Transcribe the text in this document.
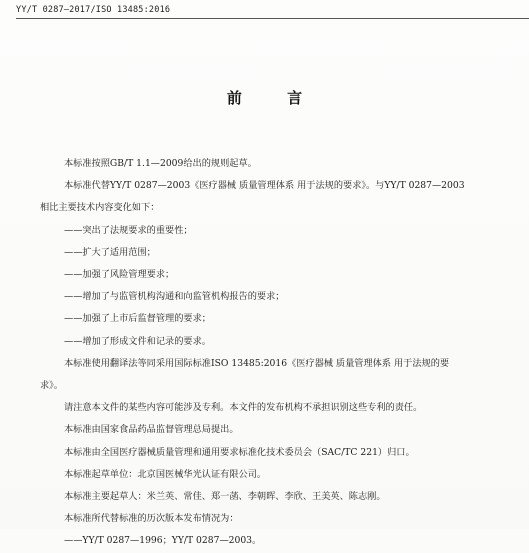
YY/T 0287—2017/ISO 13485:2016
前 言

本标准按照GB/T 1.1—2009给出的规则起草。

本标准代替YY/T 0287—2003《医疗器械 质量管理体系 用于法规的要求》。与YY/T 0287—2003

相比主要技术内容变化如下：

——突出了法规要求的重要性；

——扩大了适用范围；

——加强了风险管理要求；

——增加了与监管机构沟通和向监管机构报告的要求；

——加强了上市后监督管理的要求；

——增加了形成文件和记录的要求。

本标准使用翻译法等同采用国际标准ISO 13485:2016《医疗器械 质量管理体系 用于法规的要

求》。

请注意本文件的某些内容可能涉及专利。本文件的发布机构不承担识别这些专利的责任。

本标准由国家食品药品监督管理总局提出。

本标准由全国医疗器械质量管理和通用要求标准化技术委员会（SAC/TC 221）归口。

本标准起草单位：北京国医械华光认证有限公司。

本标准主要起草人：米兰英、常佳、郑一菡、李朝晖、李欣、王美英、陈志刚。

本标准所代替标准的历次版本发布情况为：

——YY/T 0287—1996；YY/T 0287—2003。
